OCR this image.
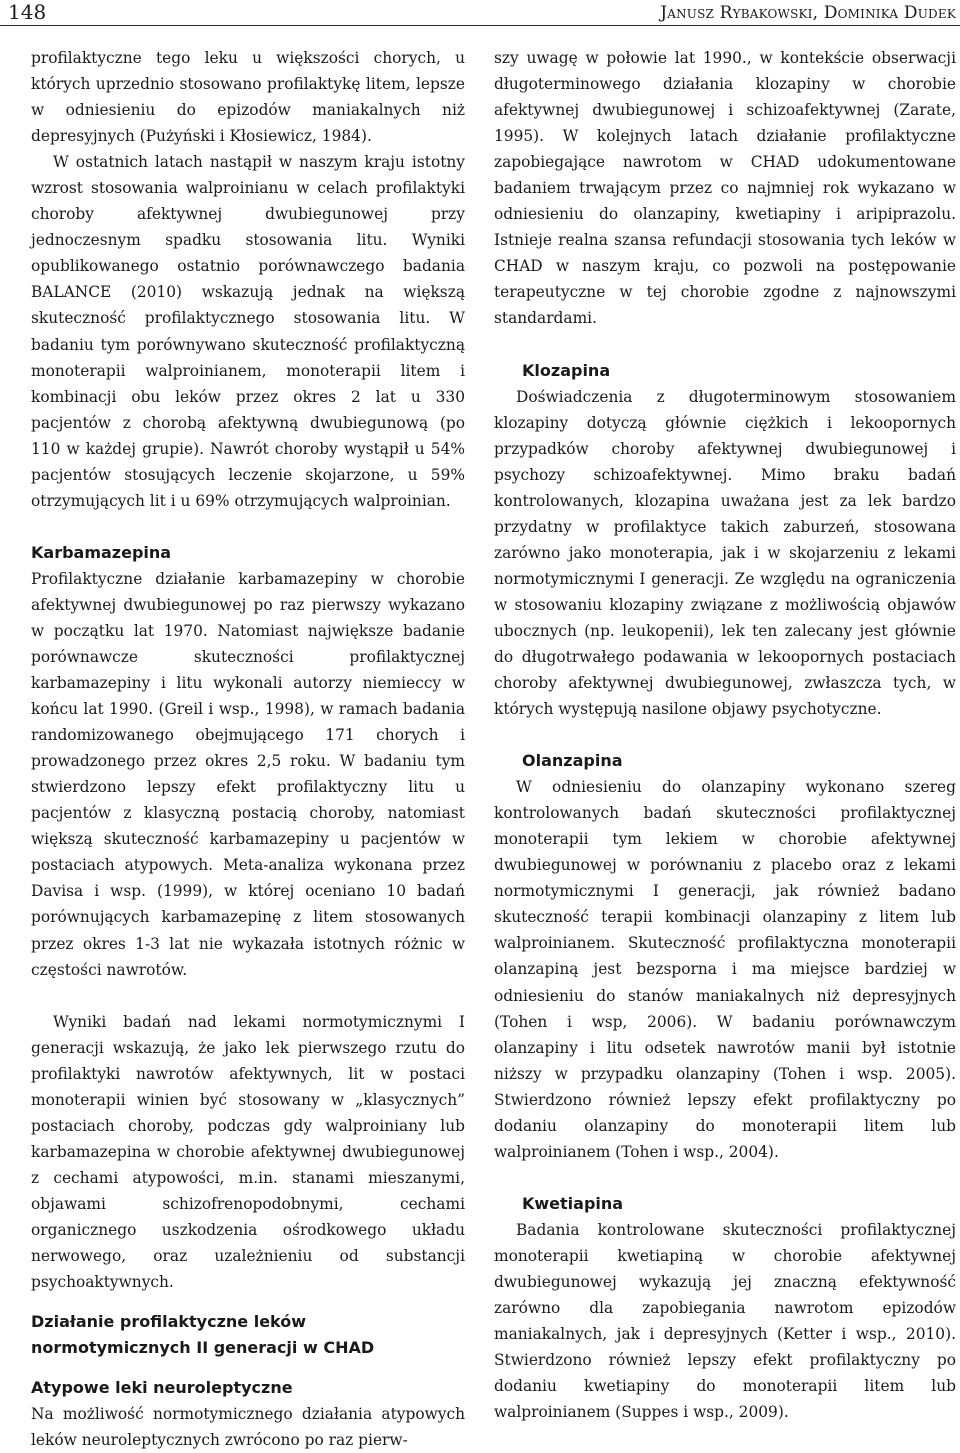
148	Janusz Rybakowski, Dominika Dudek

profilaktyczne tego leku u większości chorych, u których uprzednio stosowano profilaktykę litem, lepsze w odniesieniu do epizodów maniakalnych niż depresyjnych (Pużyński i Kłosiewicz, 1984).

W ostatnich latach nastąpił w naszym kraju istotny wzrost stosowania walproinianu w celach profilaktyki choroby afektywnej dwubiegunowej przy jednoczesnym spadku stosowania litu. Wyniki opublikowanego ostatnio porównawczego badania BALANCE (2010) wskazują jednak na większą skuteczność profilaktycznego stosowania litu. W badaniu tym porównywano skuteczność profilaktyczną monoterapii walproinianem, monoterapii litem i kombinacji obu leków przez okres 2 lat u 330 pacjentów z chorobą afektywną dwubiegunową (po 110 w każdej grupie). Nawrót choroby wystąpił u 54% pacjentów stosujących leczenie skojarzone, u 59% otrzymujących lit i u 69% otrzymujących walproinian.

Karbamazepina

Profilaktyczne działanie karbamazepiny w chorobie afektywnej dwubiegunowej po raz pierwszy wykazano w początku lat 1970. Natomiast największe badanie porównawcze skuteczności profilaktycznej karbamazepiny i litu wykonali autorzy niemieccy w końcu lat 1990. (Greil i wsp., 1998), w ramach badania randomizowanego obejmującego 171 chorych i prowadzonego przez okres 2,5 roku. W badaniu tym stwierdzono lepszy efekt profilaktyczny litu u pacjentów z klasyczną postacią choroby, natomiast większą skuteczność karbamazepiny u pacjentów w postaciach atypowych. Meta-analiza wykonana przez Davisa i wsp. (1999), w której oceniano 10 badań porównujących karbamazepinę z litem stosowanych przez okres 1-3 lat nie wykazała istotnych różnic w częstości nawrotów.

Wyniki badań nad lekami normotymicznymi I generacji wskazują, że jako lek pierwszego rzutu do profilaktyki nawrotów afektywnych, lit w postaci monoterapii winien być stosowany w „klasycznych” postaciach choroby, podczas gdy walproiniany lub karbamazepina w chorobie afektywnej dwubiegunowej z cechami atypowości, m.in. stanami mieszanymi, objawami schizofrenopodobnymi, cechami organicznego uszkodzenia ośrodkowego układu nerwowego, oraz uzależnieniu od substancji psychoaktywnych.

Działanie profilaktyczne leków
normotymicznych II generacji w CHAD
Atypowe leki neuroleptyczne

Na możliwość normotymicznego działania atypowych leków neuroleptycznych zwrócono po raz pierw-

szy uwagę w połowie lat 1990., w kontekście obserwacji długoterminowego działania klozapiny w chorobie afektywnej dwubiegunowej i schizoafektywnej (Zarate, 1995). W kolejnych latach działanie profilaktyczne zapobiegające nawrotom w CHAD udokumentowane badaniem trwającym przez co najmniej rok wykazano w odniesieniu do olanzapiny, kwetiapiny i aripiprazolu. Istnieje realna szansa refundacji stosowania tych leków w CHAD w naszym kraju, co pozwoli na postępowanie terapeutyczne w tej chorobie zgodne z najnowszymi standardami.

Klozapina

Doświadczenia z długoterminowym stosowaniem klozapiny dotyczą głównie ciężkich i lekoopornych przypadków choroby afektywnej dwubiegunowej i psychozy schizoafektywnej. Mimo braku badań kontrolowanych, klozapina uważana jest za lek bardzo przydatny w profilaktyce takich zaburzeń, stosowana zarówno jako monoterapia, jak i w skojarzeniu z lekami normotymicznymi I generacji. Ze względu na ograniczenia w stosowaniu klozapiny związane z możliwością objawów ubocznych (np. leukopenii), lek ten zalecany jest głównie do długotrwałego podawania w lekoopornych postaciach choroby afektywnej dwubiegunowej, zwłaszcza tych, w których występują nasilone objawy psychotyczne.

Olanzapina

W odniesieniu do olanzapiny wykonano szereg kontrolowanych badań skuteczności profilaktycznej monoterapii tym lekiem w chorobie afektywnej dwubiegunowej w porównaniu z placebo oraz z lekami normotymicznymi I generacji, jak również badano skuteczność terapii kombinacji olanzapiny z litem lub walproinianem. Skuteczność profilaktyczna monoterapii olanzapiną jest bezsporna i ma miejsce bardziej w odniesieniu do stanów maniakalnych niż depresyjnych (Tohen i wsp, 2006). W badaniu porównawczym olanzapiny i litu odsetek nawrotów manii był istotnie niższy w przypadku olanzapiny (Tohen i wsp. 2005). Stwierdzono również lepszy efekt profilaktyczny po dodaniu olanzapiny do monoterapii litem lub walproinianem (Tohen i wsp., 2004).

Kwetiapina

Badania kontrolowane skuteczności profilaktycznej monoterapii kwetiapiną w chorobie afektywnej dwubiegunowej wykazują jej znaczną efektywność zarówno dla zapobiegania nawrotom epizodów maniakalnych, jak i depresyjnych (Ketter i wsp., 2010). Stwierdzono również lepszy efekt profilaktyczny po dodaniu kwetiapiny do monoterapii litem lub walproinianem (Suppes i wsp., 2009).
